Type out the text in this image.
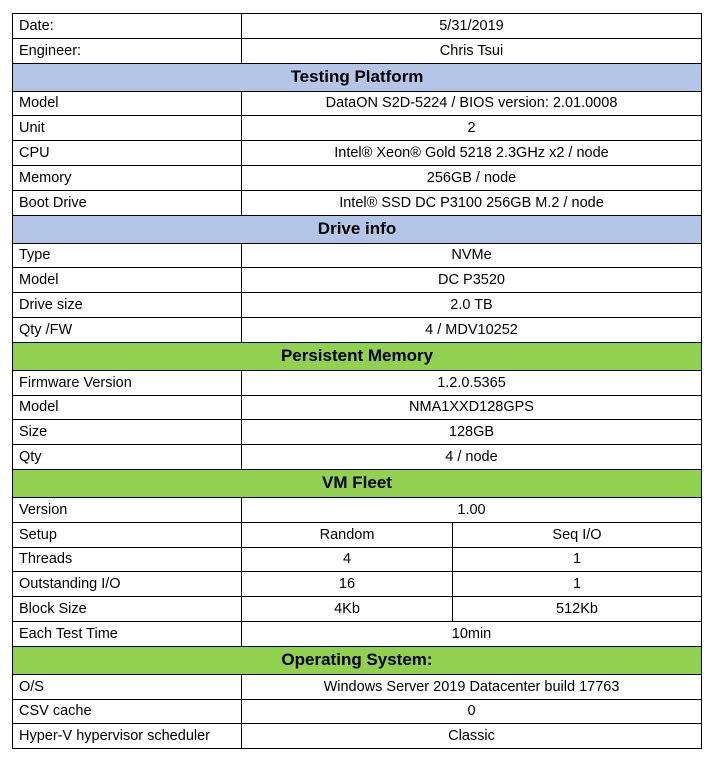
Date:	5/31/2019	
Engineer:	Chris Tsui	
Testing Platform		
Model	DataON S2D-5224 / BIOS version: 2.01.0008	
Unit	2	
CPU	Intel® Xeon® Gold 5218 2.3GHz x2 / node	
Memory	256GB / node	
Boot Drive	Intel® SSD DC P3100 256GB M.2 / node	
Drive info		
Type	NVMe	
Model	DC P3520	
Drive size	2.0 TB	
Qty /FW	4 / MDV10252	
Persistent Memory		
Firmware Version	1.2.0.5365	
Model	NMA1XXD128GPS	
Size	128GB	
Qty	4 / node	
VM Fleet		
Version	1.00	
Setup	Random	Seq I/O
Threads	4	1
Outstanding I/O	16	1
Block Size	4Kb	512Kb
Each Test Time	10min	
Operating System:		
O/S	Windows Server 2019 Datacenter build 17763	
CSV cache	0	
Hyper-V hypervisor scheduler	Classic	
